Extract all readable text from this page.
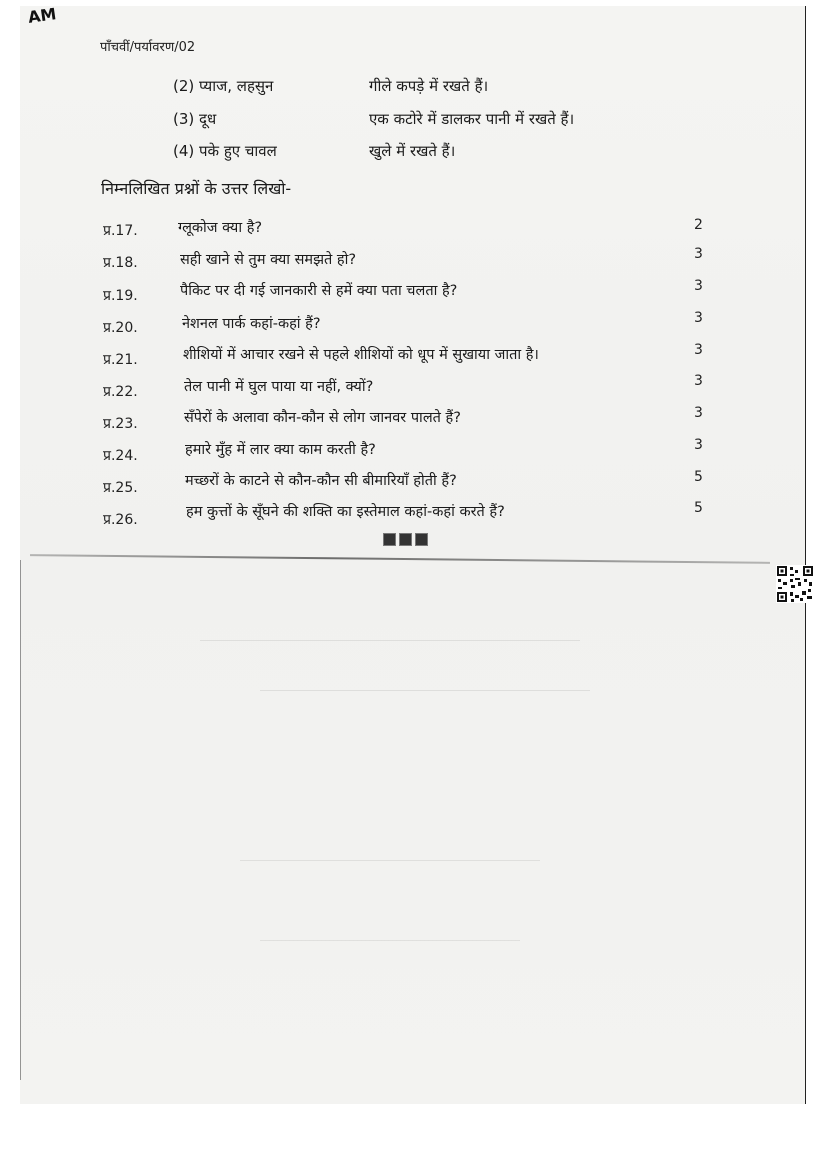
AM
पाँचवीं/पर्यावरण/02
(2) प्याज, लहसुन	गीले कपड़े में रखते हैं।
(3) दूध	एक कटोरे में डालकर पानी में रखते हैं।
(4) पके हुए चावल	खुले में रखते हैं।
निम्नलिखित प्रश्नों के उत्तर लिखो-
प्र.17.	ग्लूकोज क्या है?	2
प्र.18.	सही खाने से तुम क्या समझते हो?	3
प्र.19.	पैकिट पर दी गई जानकारी से हमें क्या पता चलता है?	3
प्र.20.	नेशनल पार्क कहां-कहां हैं?	3
प्र.21.	शीशियों में आचार रखने से पहले शीशियों को धूप में सुखाया जाता है।	3
प्र.22.	तेल पानी में घुल पाया या नहीं, क्यों?	3
प्र.23.	सँपेरों के अलावा कौन-कौन से लोग जानवर पालते हैं?	3
प्र.24.	हमारे मुँह में लार क्या काम करती है?	3
प्र.25.	मच्छरों के काटने से कौन-कौन सी बीमारियाँ होती हैं?	5
प्र.26.	हम कुत्तों के सूँघने की शक्ति का इस्तेमाल कहां-कहां करते हैं?	5
